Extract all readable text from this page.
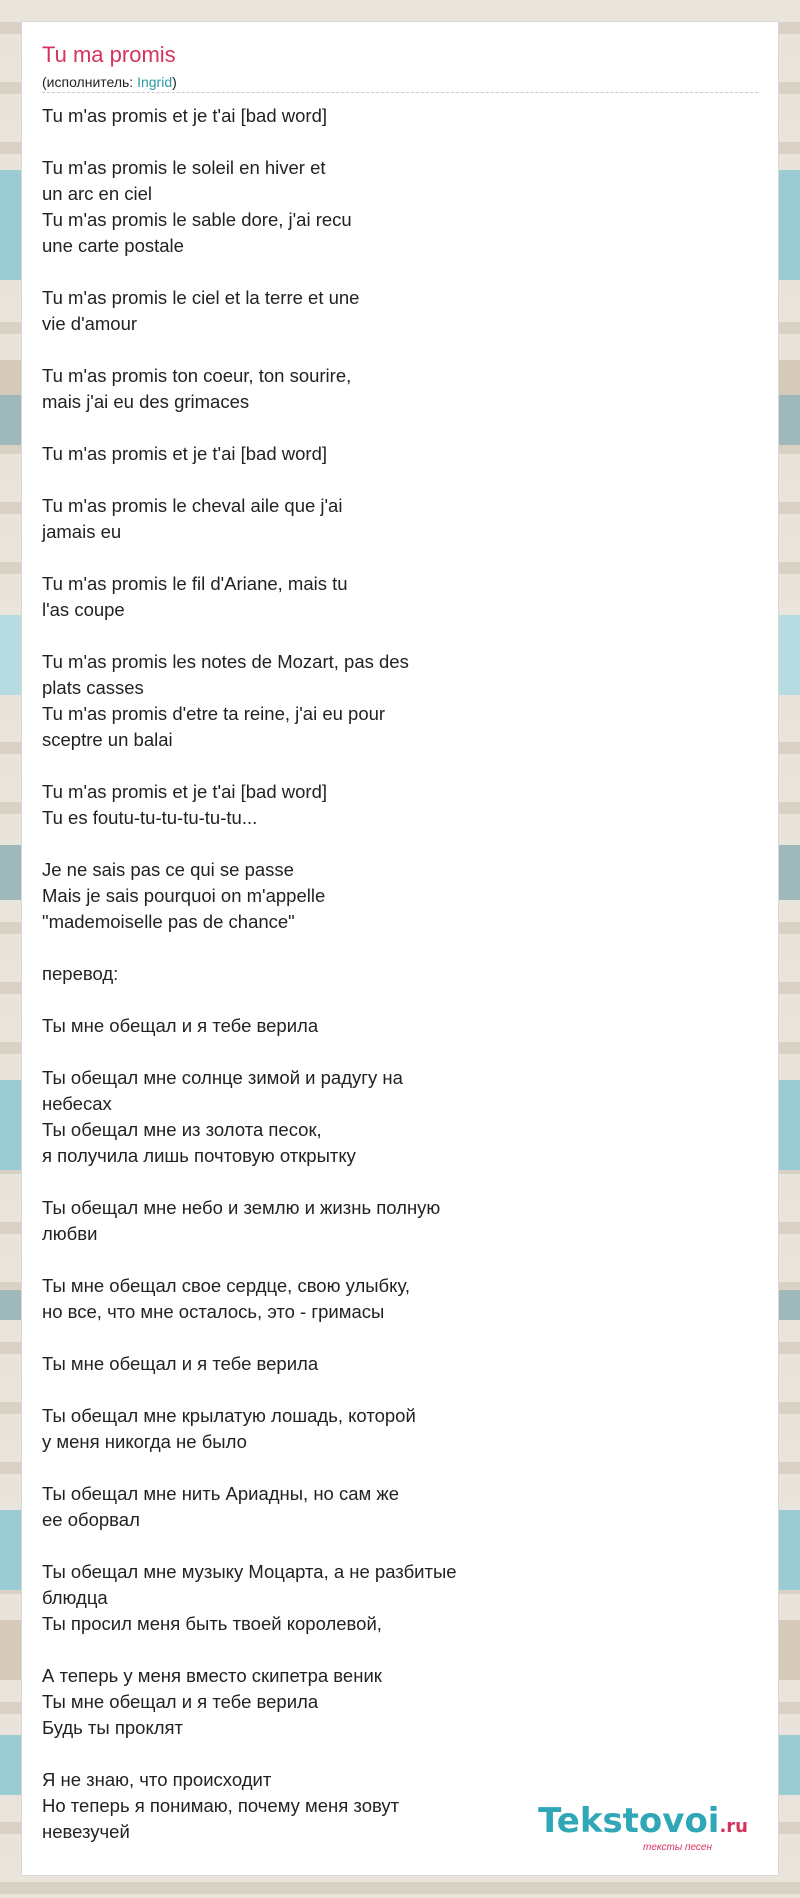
Tu ma promis
(исполнитель: Ingrid)
Tu m'as promis et je t'ai [bad word]
Tu m'as promis le soleil en hiver et
un arc en ciel
Tu m'as promis le sable dore, j'ai recu
une carte postale
Tu m'as promis le ciel et la terre et une
vie d'amour
Tu m'as promis ton coeur, ton sourire,
mais j'ai eu des grimaces
Tu m'as promis et je t'ai [bad word]
Tu m'as promis le cheval aile que j'ai
jamais eu
Tu m'as promis le fil d'Ariane, mais tu
l'as coupe
Tu m'as promis les notes de Mozart, pas des
plats casses
Tu m'as promis d'etre ta reine, j'ai eu pour
sceptre un balai
Tu m'as promis et je t'ai [bad word]
Tu es foutu-tu-tu-tu-tu-tu...
Je ne sais pas ce qui se passe
Mais je sais pourquoi on m'appelle
"mademoiselle pas de chance"
перевод:
Ты мне обещал и я тебе верила
Ты обещал мне солнце зимой и радугу на
небесах
Ты обещал мне из золота песок,
я получила лишь почтовую открытку
Ты обещал мне небо и землю и жизнь полную
любви
Ты мне обещал свое сердце, свою улыбку,
но все, что мне осталось, это - гримасы
Ты мне обещал и я тебе верила
Ты обещал мне крылатую лошадь, которой
у меня никогда не было
Ты обещал мне нить Ариадны, но сам же
ее оборвал
Ты обещал мне музыку Моцарта, а не разбитые
блюдца
Ты просил меня быть твоей королевой,
А теперь у меня вместо скипетра веник
Ты мне обещал и я тебе верила
Будь ты проклят
Я не знаю, что происходит
Но теперь я понимаю, почему меня зовут
невезучей	Tekstovoi.ru
тексты песен
